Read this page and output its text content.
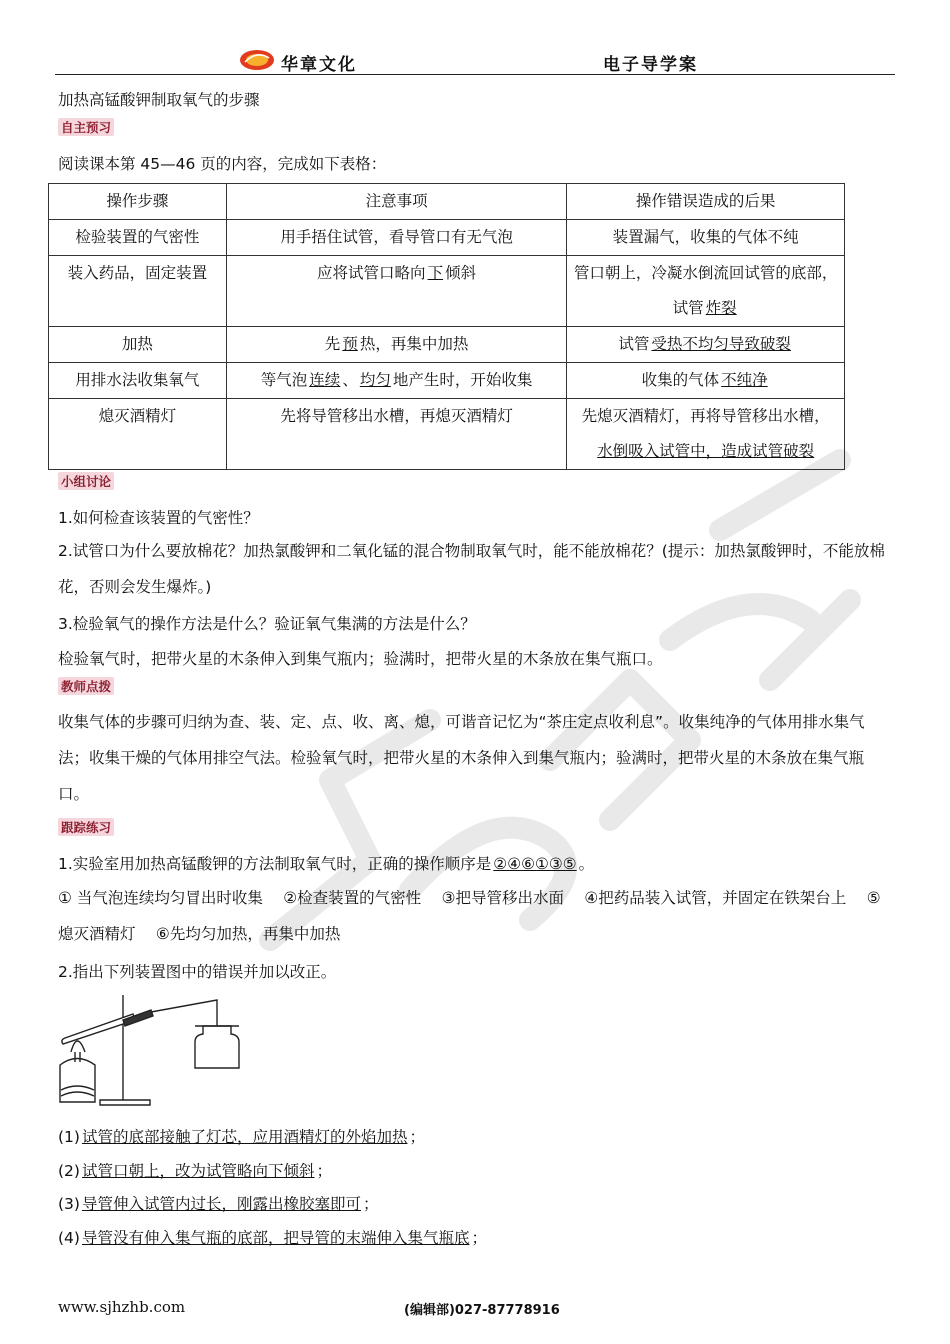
华章文化	电子导学案
加热高锰酸钾制取氧气的步骤
自主预习
阅读课本第 45—46 页的内容，完成如下表格：
操作步骤	注意事项	操作错误造成的后果
检验装置的气密性	用手捂住试管，看导管口有无气泡	装置漏气，收集的气体不纯
装入药品，固定装置	应将试管口略向 下 倾斜	管口朝上，冷凝水倒流回试管的底部，试管 炸裂
加热	先 预 热，再集中加热	试管 受热不均匀导致破裂
用排水法收集氧气	等气泡 连续 、 均匀 地产生时，开始收集	收集的气体 不纯净
熄灭酒精灯	先将导管移出水槽，再熄灭酒精灯	先熄灭酒精灯，再将导管移出水槽，水倒吸入试管中，造成试管破裂
小组讨论
1.如何检查该装置的气密性？
2.试管口为什么要放棉花？加热氯酸钾和二氧化锰的混合物制取氧气时，能不能放棉花？(提示：加热氯酸钾时，不能放棉花，否则会发生爆炸。)
3.检验氧气的操作方法是什么？验证氧气集满的方法是什么？
检验氧气时，把带火星的木条伸入到集气瓶内；验满时，把带火星的木条放在集气瓶口。
教师点拨
收集气体的步骤可归纳为查、装、定、点、收、离、熄，可谐音记忆为“茶庄定点收利息”。收集纯净的气体用排水集气法；收集干燥的气体用排空气法。检验氧气时，把带火星的木条伸入到集气瓶内；验满时，把带火星的木条放在集气瓶口。
跟踪练习
1.实验室用加热高锰酸钾的方法制取氧气时，正确的操作顺序是 ②④⑥①③⑤ 。
① 当气泡连续均匀冒出时收集　 ②检查装置的气密性　 ③把导管移出水面　 ④把药品装入试管，并固定在铁架台上　 ⑤熄灭酒精灯　 ⑥先均匀加热，再集中加热
2.指出下列装置图中的错误并加以改正。
(1) 试管的底部接触了灯芯，应用酒精灯的外焰加热 ；
(2) 试管口朝上，改为试管略向下倾斜 ；
(3) 导管伸入试管内过长，刚露出橡胶塞即可 ；
(4) 导管没有伸入集气瓶的底部，把导管的末端伸入集气瓶底 ；
www.sjhzhb.com	(编辑部)027-87778916
